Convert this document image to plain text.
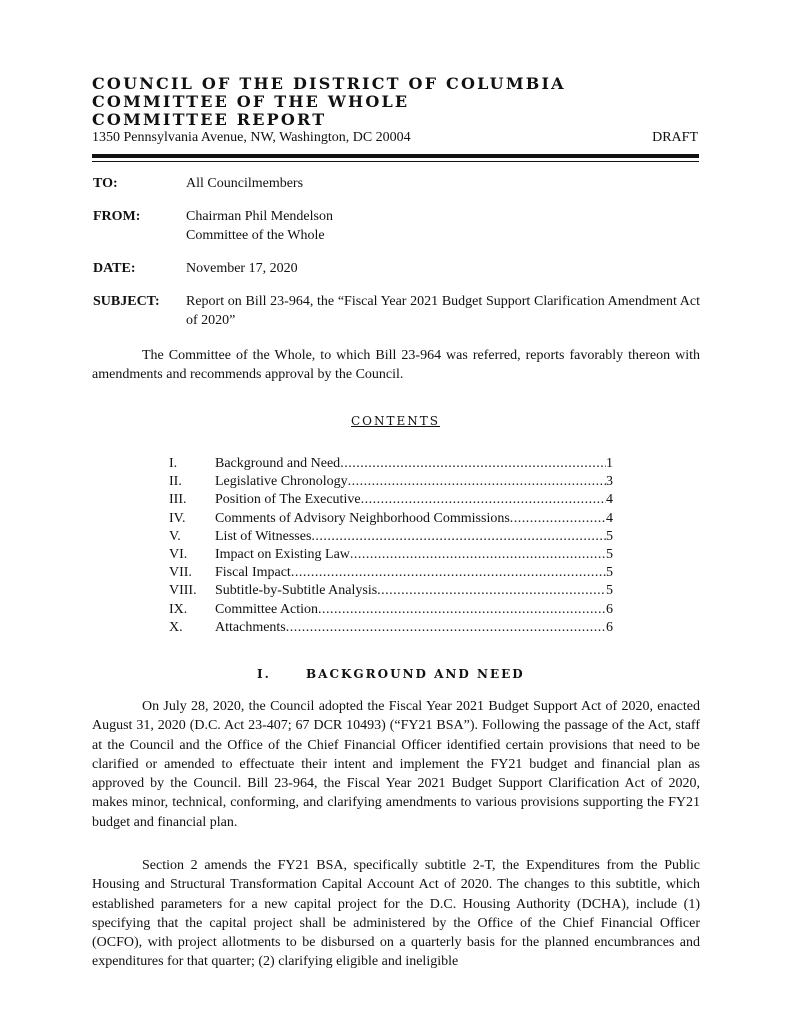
COUNCIL OF THE DISTRICT OF COLUMBIA
COMMITTEE OF THE WHOLE
COMMITTEE REPORT
1350 Pennsylvania Avenue, NW, Washington, DC 20004	DRAFT
TO:	All Councilmembers
FROM:	Chairman Phil Mendelson
Committee of the Whole
DATE:	November 17, 2020
SUBJECT: Report on Bill 23-964, the “Fiscal Year 2021 Budget Support Clarification Amendment Act of 2020”
The Committee of the Whole, to which Bill 23-964 was referred, reports favorably thereon with amendments and recommends approval by the Council.
CONTENTS
I.	Background and Need .....	1
II.	Legislative Chronology .....	3
III.	Position of The Executive .....	4
IV.	Comments of Advisory Neighborhood Commissions .....	4
V.	List of Witnesses .....	5
VI.	Impact on Existing Law .....	5
VII.	Fiscal Impact .....	5
VIII.	Subtitle-by-Subtitle Analysis .....	5
IX.	Committee Action .....	6
X.	Attachments .....	6
I.	BACKGROUND AND NEED
On July 28, 2020, the Council adopted the Fiscal Year 2021 Budget Support Act of 2020, enacted August 31, 2020 (D.C. Act 23-407; 67 DCR 10493) (“FY21 BSA”). Following the passage of the Act, staff at the Council and the Office of the Chief Financial Officer identified certain provisions that need to be clarified or amended to effectuate their intent and implement the FY21 budget and financial plan as approved by the Council. Bill 23-964, the Fiscal Year 2021 Budget Support Clarification Act of 2020, makes minor, technical, conforming, and clarifying amendments to various provisions supporting the FY21 budget and financial plan.
Section 2 amends the FY21 BSA, specifically subtitle 2-T, the Expenditures from the Public Housing and Structural Transformation Capital Account Act of 2020. The changes to this subtitle, which established parameters for a new capital project for the D.C. Housing Authority (DCHA), include (1) specifying that the capital project shall be administered by the Office of the Chief Financial Officer (OCFO), with project allotments to be disbursed on a quarterly basis for the planned encumbrances and expenditures for that quarter; (2) clarifying eligible and ineligible
